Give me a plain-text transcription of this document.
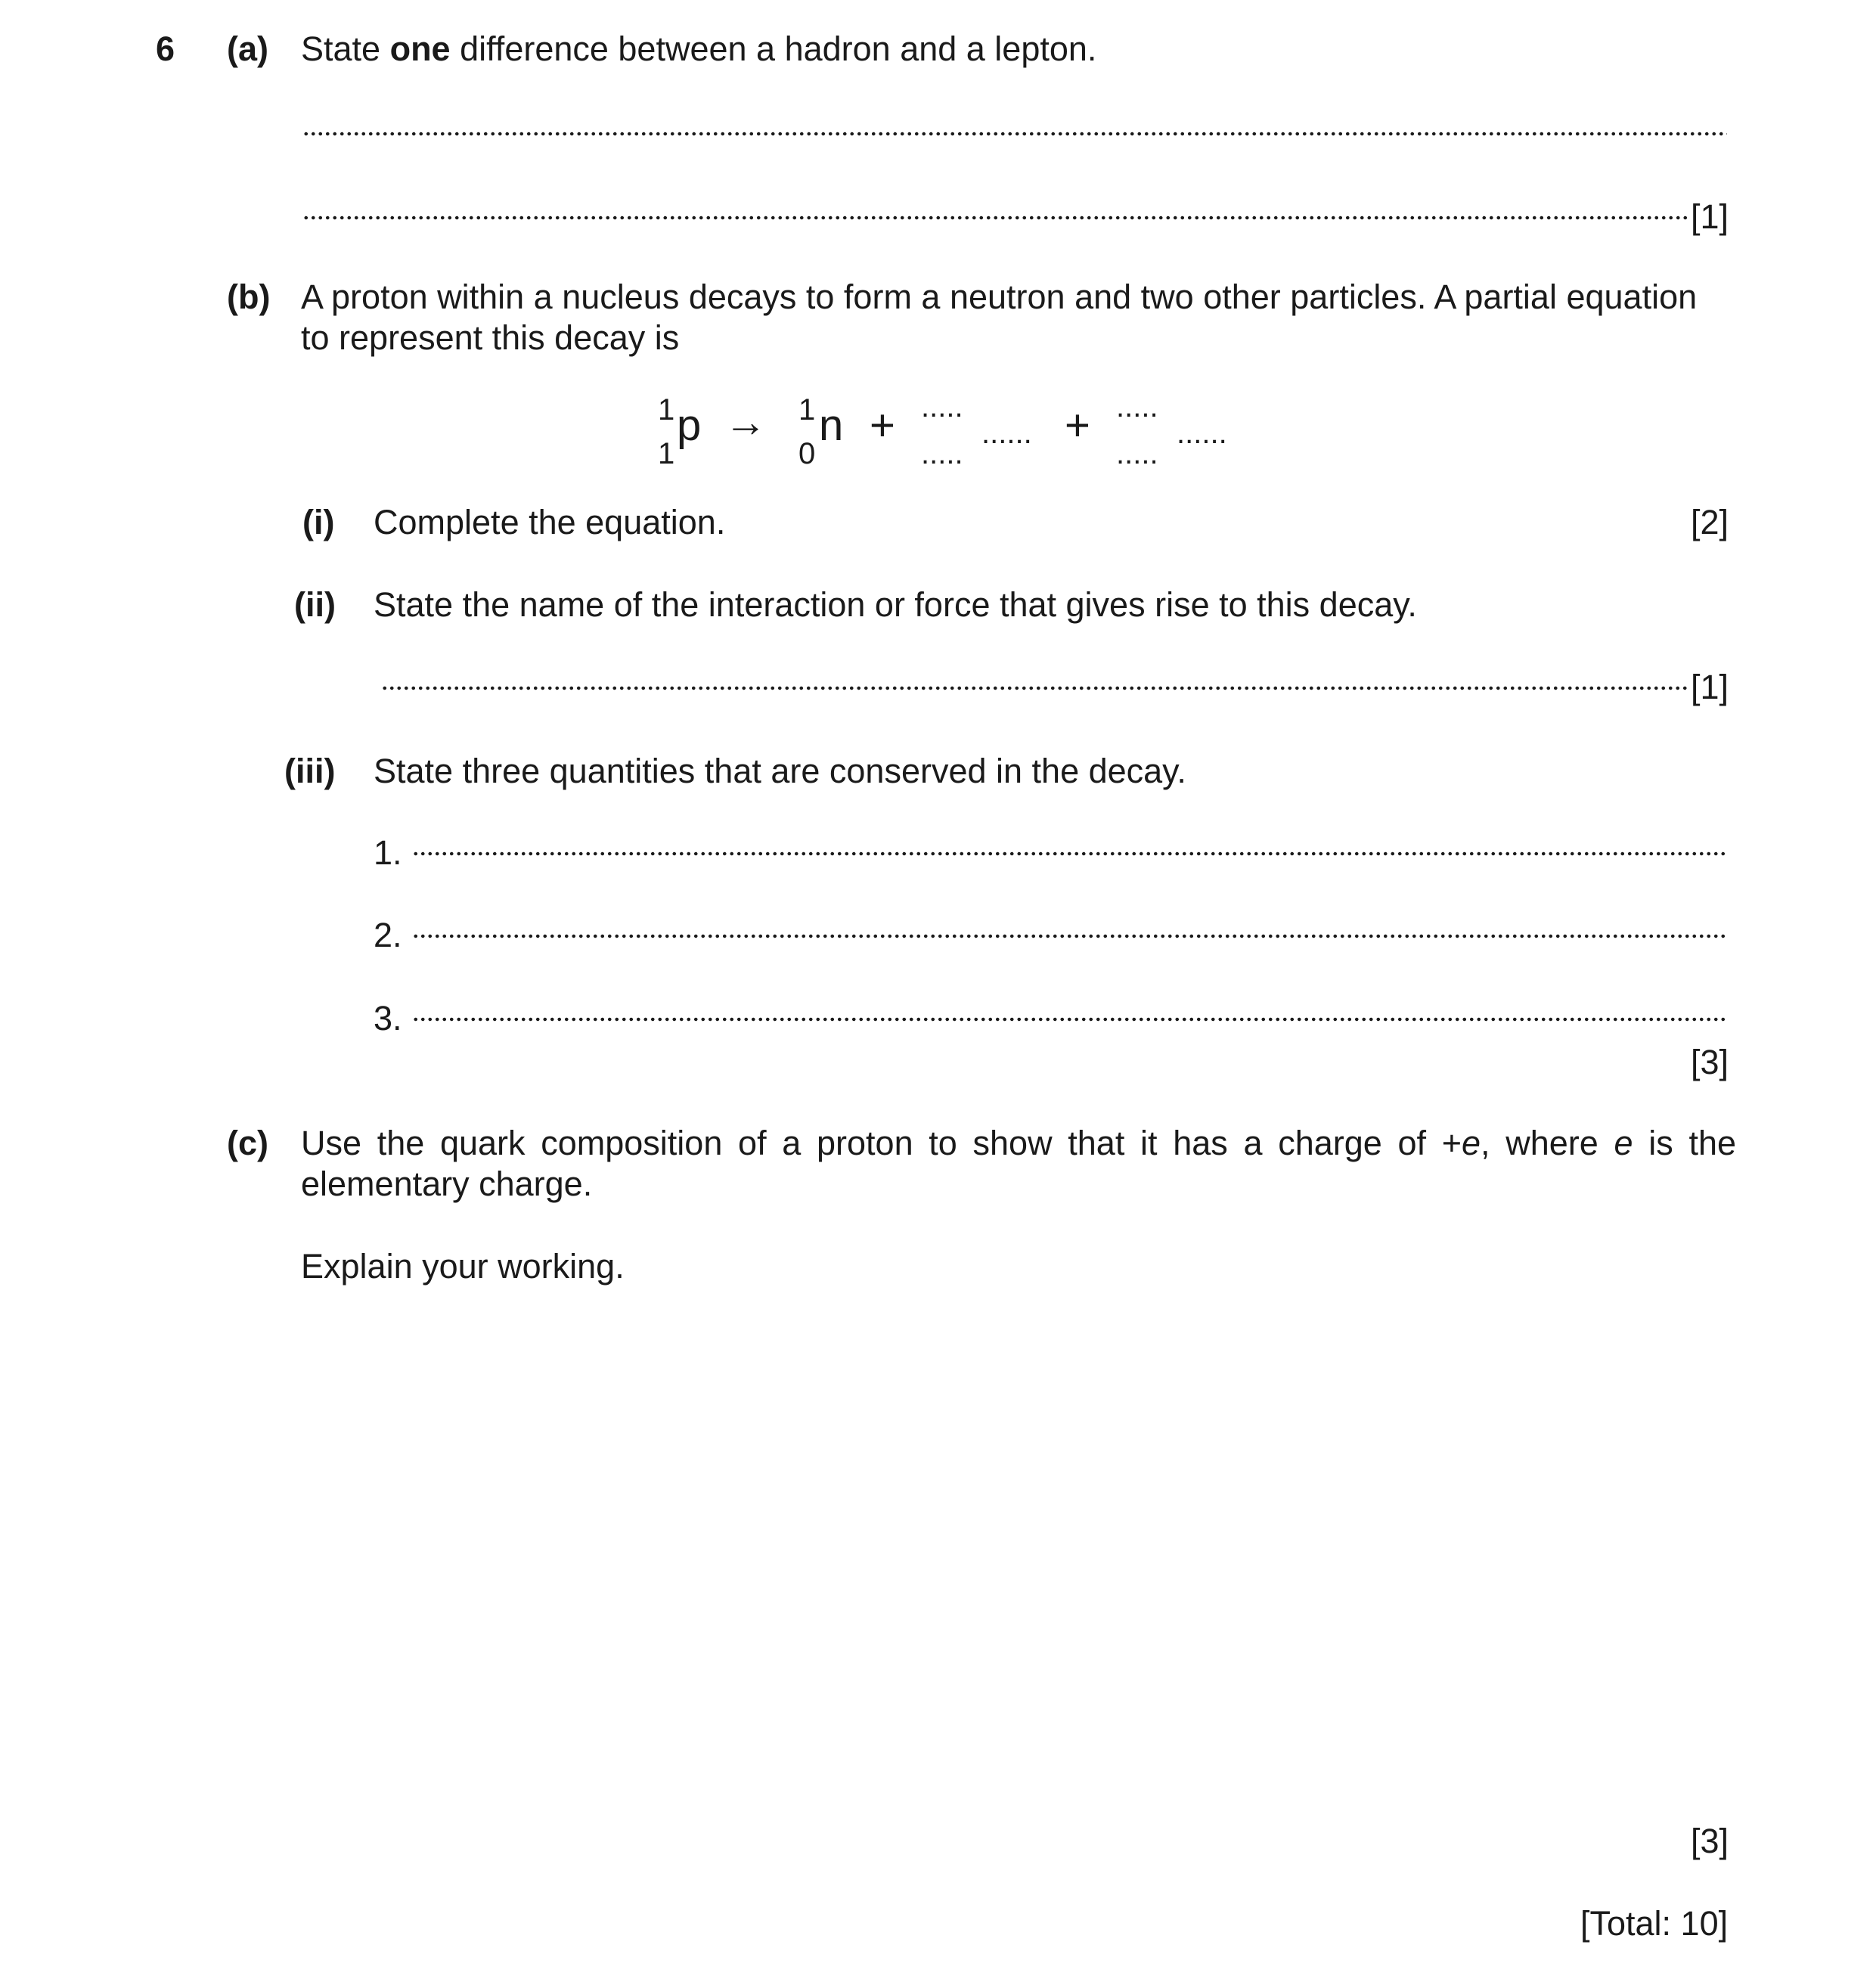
6 (a) State one difference between a hadron and a lepton.
[1]
(b) A proton within a nucleus decays to form a neutron and two other particles. A partial equation
to represent this decay is
1
1
p → 1
0
n + .....
.....
...... + .....
.....
......
(i) Complete the equation.	[2]
(ii) State the name of the interaction or force that gives rise to this decay.
[1]
(iii) State three quantities that are conserved in the decay.
1.
2.
3.
[3]
(c) Use the quark composition of a proton to show that it has a charge of +e, where e is the
elementary charge.
Explain your working.
[3]
[Total: 10]
